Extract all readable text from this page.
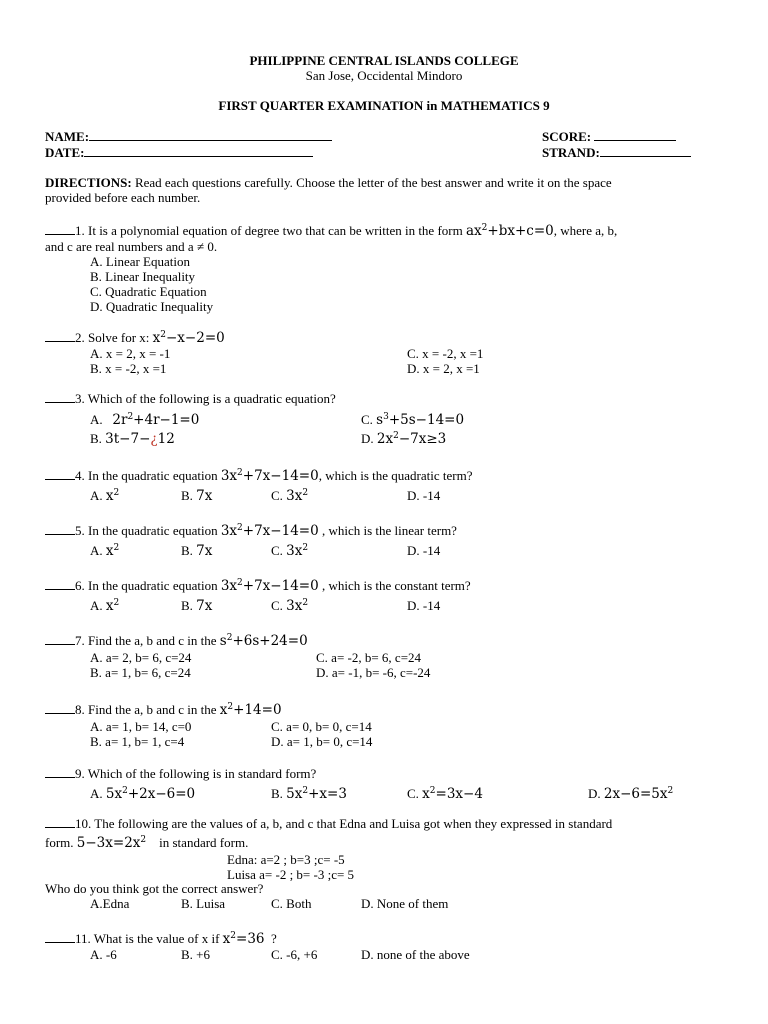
PHILIPPINE CENTRAL ISLANDS COLLEGE
San Jose, Occidental Mindoro
FIRST QUARTER EXAMINATION in MATHEMATICS 9
NAME:
DATE:
SCORE:
STRAND:
DIRECTIONS: Read each questions carefully. Choose the letter of the best answer and write it on the space
provided before each number.
1. It is a polynomial equation of degree two that can be written in the form $ax^2+bx+c=0$, where a, b,
and c are real numbers and a ≠ 0.
A. Linear Equation
B. Linear Inequality
C. Quadratic Equation
D. Quadratic Inequality
2. Solve for x: $x^2-x-2=0$
A. x = 2, x = -1
B. x = -2, x =1
C. x = -2, x =1
D. x = 2, x =1
3. Which of the following is a quadratic equation?
A. $2r^2+4r-1=0$
B. 3t−7−¿12
C. $s^3+5s-14=0$
D. $2x^2-7x\ge 3$
4. In the quadratic equation $3x^2+7x-14=0$, which is the quadratic term?
A. $x^2$	B. 7x	C. $3x^2$	D. -14
5. In the quadratic equation $3x^2+7x-14=0$ , which is the linear term?
A. $x^2$	B. 7x	C. $3x^2$	D. -14
6. In the quadratic equation $3x^2+7x-14=0$ , which is the constant term?
A. $x^2$	B. 7x	C. $3x^2$	D. -14
7. Find the a, b and c in the $s^2+6s+24=0$
A. a= 2, b= 6, c=24
B. a= 1, b= 6, c=24
C. a= -2, b= 6, c=24
D. a= -1, b= -6, c=-24
8. Find the a, b and c in the $x^2+14=0$
A. a= 1, b= 14, c=0
B. a= 1, b= 1, c=4
C. a= 0, b= 0, c=14
D. a= 1, b= 0, c=14
9. Which of the following is in standard form?
A. $5x^2+2x-6=0$	B. $5x^2+x=3$	C. $x^2=3x-4$	D. $2x-6=5x^2$
10. The following are the values of a, b, and c that Edna and Luisa got when they expressed in standard
form. $5-3x=2x^2$ in standard form.
Edna: a=2 ; b=3 ;c= -5
Luisa a= -2 ; b= -3 ;c= 5
Who do you think got the correct answer?
A.Edna	B. Luisa	C. Both	D. None of them
11. What is the value of x if $x^2=36$ ?
A. -6	B. +6	C. -6, +6	D. none of the above
